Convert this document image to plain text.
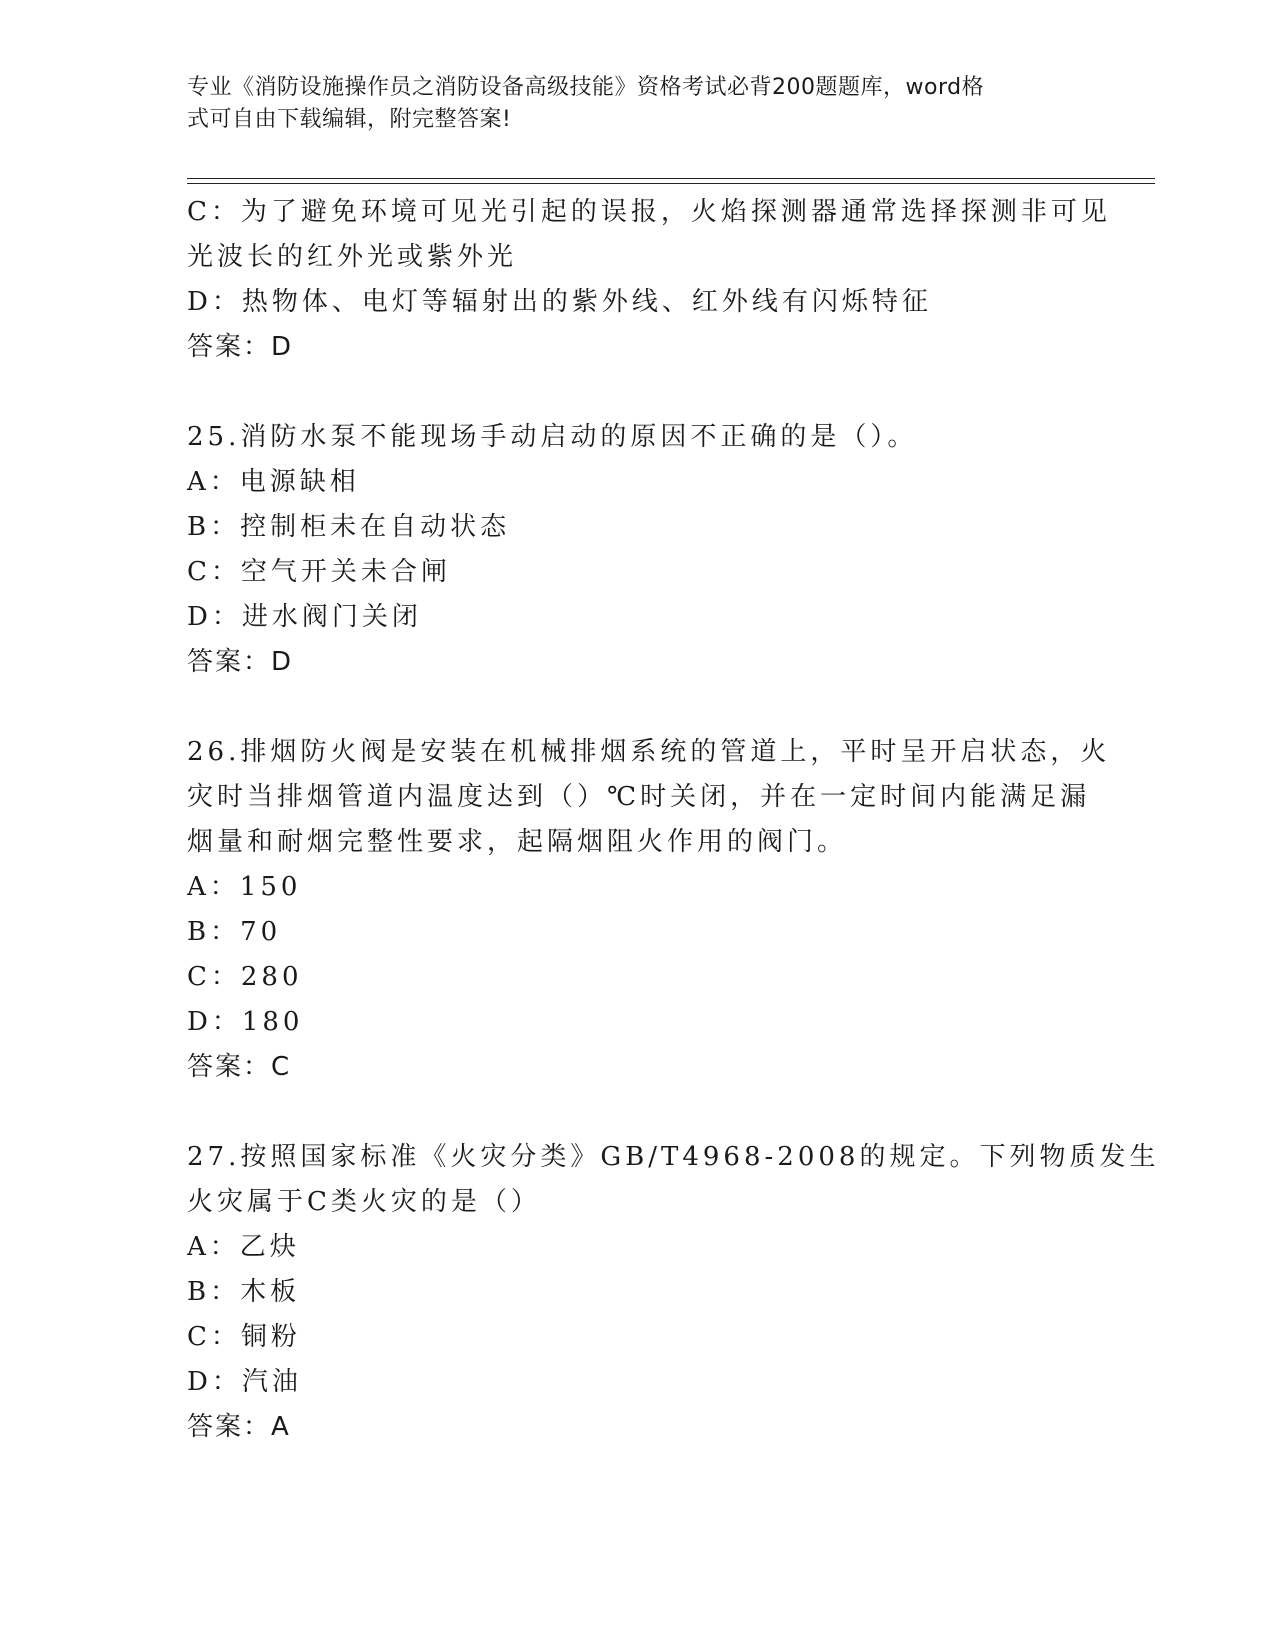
专业《消防设施操作员之消防设备高级技能》资格考试必背200题题库，word格
式可自由下载编辑，附完整答案!
C：为了避免环境可见光引起的误报，火焰探测器通常选择探测非可见
光波长的红外光或紫外光
D：热物体、电灯等辐射出的紫外线、红外线有闪烁特征
答案：D
25.消防水泵不能现场手动启动的原因不正确的是（）。
A：电源缺相
B：控制柜未在自动状态
C：空气开关未合闸
D：进水阀门关闭
答案：D
26.排烟防火阀是安装在机械排烟系统的管道上，平时呈开启状态，火
灾时当排烟管道内温度达到（）℃时关闭，并在一定时间内能满足漏
烟量和耐烟完整性要求，起隔烟阻火作用的阀门。
A：150
B：70
C：280
D：180
答案：C
27.按照国家标准《火灾分类》GB/T4968-2008的规定。下列物质发生
火灾属于C类火灾的是（）
A：乙炔
B：木板
C：铜粉
D：汽油
答案：A
